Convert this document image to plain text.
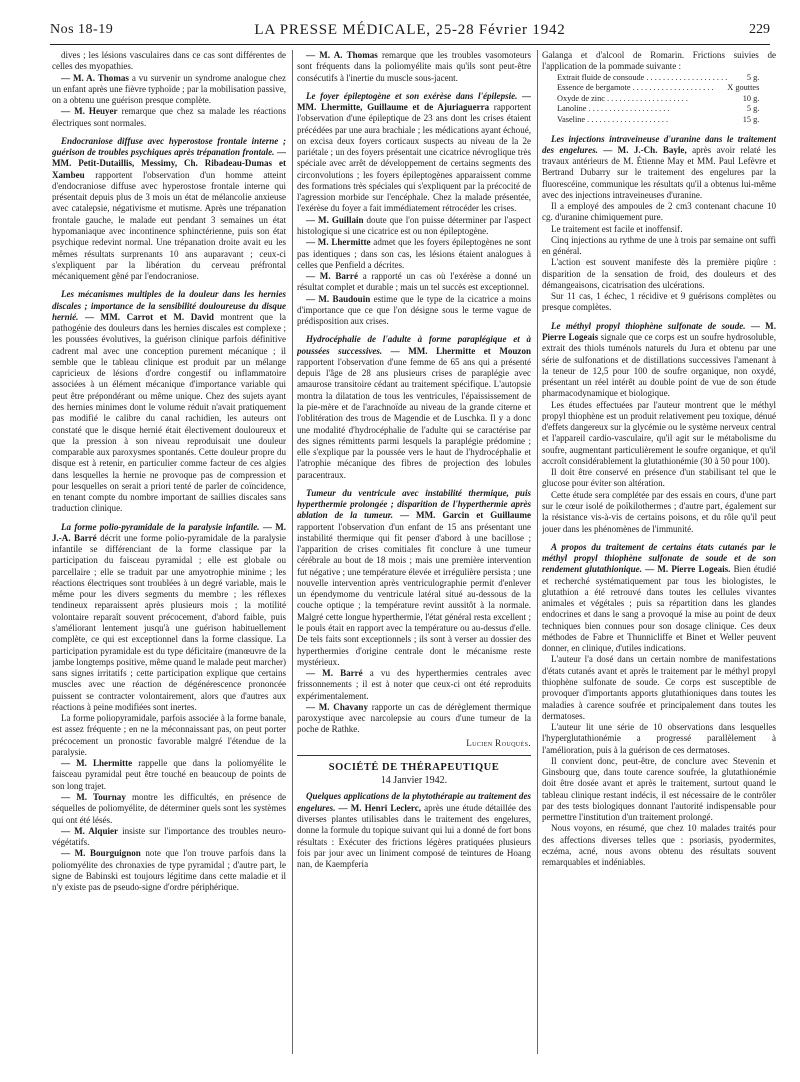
Nos 18-19	LA PRESSE MÉDICALE, 25-28 Février 1942	229

dives ; les lésions vasculaires dans ce cas sont différentes de celles des myopathies.

— M. A. Thomas a vu survenir un syndrome analogue chez un enfant après une fièvre typhoïde ; par la mobilisation passive, on a obtenu une guérison presque complète.

— M. Heuyer remarque que chez sa malade les réactions électriques sont normales.

Endocraniose diffuse avec hyperostose frontale interne ; guérison de troubles psychiques après trépanation frontale. — MM. Petit-Dutaillis, Messimy, Ch. Ribadeau-Dumas et Xambeu rapportent l'observation d'un homme atteint d'endocraniose diffuse avec hyperostose frontale interne qui présentait depuis plus de 3 mois un état de mélancolie anxieuse avec catalepsie, négativisme et mutisme. Après une trépanation frontale gauche, le malade eut pendant 3 semaines un état hypomaniaque avec incontinence sphinctérienne, puis son état psychique redevint normal. Une trépanation droite avait eu les mêmes résultats surprenants 10 ans auparavant ; ceux-ci s'expliquent par la libération du cerveau préfrontal mécaniquement gêné par l'endocraniose.

Les mécanismes multiples de la douleur dans les hernies discales ; importance de la sensibilité douloureuse du disque hernié. — MM. Carrot et M. David montrent que la pathogénie des douleurs dans les hernies discales est complexe ; les poussées évolutives, la guérison clinique parfois définitive cadrent mal avec une conception purement mécanique ; il semble que le tableau clinique est produit par un mélange capricieux de lésions d'ordre congestif ou inflammatoire associées à un élément mécanique d'importance variable qui peut être prépondérant ou même unique. Chez des sujets ayant des hernies minimes dont le volume réduit n'avait pratiquement pas modifié le calibre du canal rachidien, les auteurs ont constaté que le disque hernié était électivement douloureux et que la pression à son niveau reproduisait une douleur comparable aux paroxysmes spontanés. Cette douleur propre du disque est à retenir, en particulier comme facteur de ces algies dans lesquelles la hernie ne provoque pas de compression et pour lesquelles on serait a priori tenté de parler de coïncidence, en tenant compte du nombre important de saillies discales sans traduction clinique.

La forme polio-pyramidale de la paralysie infantile. — M. J.-A. Barré décrit une forme polio-pyramidale de la paralysie infantile se différenciant de la forme classique par la participation du faisceau pyramidal ; elle est globale ou parcellaire ; elle se traduit par une amyotrophie minime ; les réactions électriques sont troublées à un degré variable, mais le même pour les divers segments du membre ; les réflexes tendineux reparaissent après plusieurs mois ; la motilité volontaire reparaît souvent précocement, d'abord faible, puis s'améliorant lentement jusqu'à une guérison habituellement complète, ce qui est exceptionnel dans la forme classique. La participation pyramidale est du type déficitaire (manœuvre de la jambe longtemps positive, même quand le malade peut marcher) sans signes irritatifs ; cette participation explique que certains muscles avec une réaction de dégénérescence prononcée puissent se contracter volontairement, alors que d'autres aux réactions à peine modifiées sont inertes.

La forme poliopyramidale, parfois associée à la forme banale, est assez fréquente ; en ne la méconnaissant pas, on peut porter précocement un pronostic favorable malgré l'étendue de la paralysie.

— M. Lhermitte rappelle que dans la poliomyélite le faisceau pyramidal peut être touché en beaucoup de points de son long trajet.

— M. Tournay montre les difficultés, en présence de séquelles de poliomyélite, de déterminer quels sont les systèmes qui ont été lésés.

— M. Alquier insiste sur l'importance des troubles neuro-végétatifs.

— M. Bourguignon note que l'on trouve parfois dans la poliomyélite des chronaxies de type pyramidal ; d'autre part, le signe de Babinski est toujours légitime dans cette maladie et il n'y existe pas de pseudo-signe d'ordre périphérique.

— M. A. Thomas remarque que les troubles vasomoteurs sont fréquents dans la poliomyélite mais qu'ils sont peut-être consécutifs à l'inertie du muscle sous-jacent.

Le foyer épileptogène et son exérèse dans l'épilepsie. — MM. Lhermitte, Guillaume et de Ajuriaguerra rapportent l'observation d'une épileptique de 23 ans dont les crises étaient précédées par une aura brachiale ; les médications ayant échoué, on excisa deux foyers corticaux suspects au niveau de la 2e pariétale ; un des foyers présentait une cicatrice névroglique très spéciale avec arrêt de développement de certains segments des circonvolutions ; les foyers épileptogènes apparaissent comme des formations très spéciales qui s'expliquent par la précocité de l'agression morbide sur l'encéphale. Chez la malade présentée, l'exérèse du foyer a fait immédiatement rétrocéder les crises.

— M. Guillain doute que l'on puisse déterminer par l'aspect histologique si une cicatrice est ou non épileptogène.

— M. Lhermitte admet que les foyers épileptogènes ne sont pas identiques ; dans son cas, les lésions étaient analogues à celles que Penfield a décrites.

— M. Barré a rapporté un cas où l'exérèse a donné un résultat complet et durable ; mais un tel succès est exceptionnel.

— M. Baudouin estime que le type de la cicatrice a moins d'importance que ce que l'on désigne sous le terme vague de prédisposition aux crises.

Hydrocéphalie de l'adulte à forme paraplégique et à poussées successives. — MM. Lhermitte et Mouzon rapportent l'observation d'une femme de 65 ans qui a présenté depuis l'âge de 28 ans plusieurs crises de paraplégie avec amaurose transitoire cédant au traitement spécifique. L'autopsie montra la dilatation de tous les ventricules, l'épaississement de la pie-mère et de l'arachnoïde au niveau de la grande citerne et l'oblitération des trous de Magendie et de Luschka. Il y a donc une modalité d'hydrocéphalie de l'adulte qui se caractérise par des signes rémittents parmi lesquels la paraplégie prédomine ; elle s'explique par la poussée vers le haut de l'hydrocéphalie et l'atrophie mécanique des fibres de projection des lobules paracentraux.

Tumeur du ventricule avec instabilité thermique, puis hyperthermie prolongée ; disparition de l'hyperthermie après ablation de la tumeur. — MM. Garcin et Guillaume rapportent l'observation d'un enfant de 15 ans présentant une instabilité thermique qui fit penser d'abord à une bacillose ; l'apparition de crises comitiales fit conclure à une tumeur cérébrale au bout de 18 mois ; mais une première intervention fut négative ; une température élevée et irrégulière persista ; une nouvelle intervention après ventriculographie permit d'enlever un épendymome du ventricule latéral situé au-dessous de la couche optique ; la température revint aussitôt à la normale. Malgré cette longue hyperthermie, l'état général resta excellent ; le pouls était en rapport avec la température ou au-dessus d'elle. De tels faits sont exceptionnels ; ils sont à verser au dossier des hyperthermies d'origine centrale dont le mécanisme reste mystérieux.

— M. Barré a vu des hyperthermies centrales avec frissonnements ; il est à noter que ceux-ci ont été reproduits expérimentalement.

— M. Chavany rapporte un cas de dérèglement thermique paroxystique avec narcolepsie au cours d'une tumeur de la poche de Rathke.

Lucien Rouquès.
SOCIÉTÉ DE THÉRAPEUTIQUE
14 Janvier 1942.

Quelques applications de la phytothérapie au traitement des engelures. — M. Henri Leclerc, après une étude détaillée des diverses plantes utilisables dans le traitement des engelures, donne la formule du topique suivant qui lui a donné de fort bons résultats : Exécuter des frictions légères pratiquées plusieurs fois par jour avec un liniment composé de teintures de Hoang nan, de Kaempferia

Galanga et d'alcool de Romarin. Frictions suivies de l'application de la pommade suivante :

Extrait fluide de consoude . . .	5 g.
Essence de bergamote . . .	X gouttes
Oxyde de zinc . . .	10 g.
Lanoline . . .	5 g.
Vaseline . . .	15 g.

Les injections intraveineuse d'uranine dans le traitement des engelures. — M. J.-Ch. Bayle, après avoir relaté les travaux antérieurs de M. Étienne May et MM. Paul Lefèvre et Bertrand Dubarry sur le traitement des engelures par la fluorescéine, communique les résultats qu'il a obtenus lui-même avec des injections intraveineuses d'uranine.

Il a employé des ampoules de 2 cm3 contenant chacune 10 cg. d'uranine chimiquement pure.

Le traitement est facile et inoffensif.

Cinq injections au rythme de une à trois par semaine ont suffi en général.

L'action est souvent manifeste dès la première piqûre : disparition de la sensation de froid, des douleurs et des démangeaisons, cicatrisation des ulcérations.

Sur 11 cas, 1 échec, 1 récidive et 9 guérisons complètes ou presque complètes.

Le méthyl propyl thiophène sulfonate de soude. — M. Pierre Logeais signale que ce corps est un soufre hydrosoluble, extrait des thiols tuménols naturels du Jura et obtenu par une série de sulfonations et de distillations successives l'amenant à la teneur de 12,5 pour 100 de soufre organique, non oxydé, présentant un réel intérêt au double point de vue de son étude pharmacodynamique et biologique.

Les études effectuées par l'auteur montrent que le méthyl propyl thiophène est un produit relativement peu toxique, dénué d'effets dangereux sur la glycémie ou le système nerveux central et l'appareil cardio-vasculaire, qu'il agit sur le métabolisme du soufre, augmentant particulièrement le soufre organique, et qu'il accroît considérablement la glutathionémie (30 à 50 pour 100).

Il doit être conservé en présence d'un stabilisant tel que le glucose pour éviter son altération.

Cette étude sera complétée par des essais en cours, d'une part sur le cœur isolé de poïkilothermes ; d'autre part, également sur la résistance vis-à-vis de certains poisons, et du rôle qu'il peut jouer dans les phénomènes de l'immunité.

A propos du traitement de certains états cutanés par le méthyl propyl thiophène sulfonate de soude et de son rendement glutathionique. — M. Pierre Logeais. Bien étudié et recherché systématiquement par tous les biologistes, le glutathion a été retrouvé dans toutes les cellules vivantes animales et végétales ; puis sa répartition dans les glandes endocrines et dans le sang a provoqué la mise au point de deux techniques bien connues pour son dosage clinique. Ces deux méthodes de Fabre et Thunnicliffe et Binet et Weller peuvent donner, en clinique, d'utiles indications.

L'auteur l'a dosé dans un certain nombre de manifestations d'états cutanés avant et après le traitement par le méthyl propyl thiophène sulfonate de soude. Ce corps est susceptible de provoquer d'importants apports glutathioniques dans toutes les maladies à carence soufrée et principalement dans toutes les dermatoses.

L'auteur lit une série de 10 observations dans lesquelles l'hyperglutathionémie a progressé parallèlement à l'amélioration, puis à la guérison de ces dermatoses.

Il convient donc, peut-être, de conclure avec Stevenin et Ginsbourg que, dans toute carence soufrée, la glutathionémie doit être dosée avant et après le traitement, surtout quand le tableau clinique restant indécis, il est nécessaire de le contrôler par des tests biologiques donnant l'autorité indispensable pour permettre l'institution d'un traitement prolongé.

Nous voyons, en résumé, que chez 10 malades traités pour des affections diverses telles que : psoriasis, pyodermites, eczéma, acné, nous avons obtenu des résultats souvent remarquables et indéniables.
